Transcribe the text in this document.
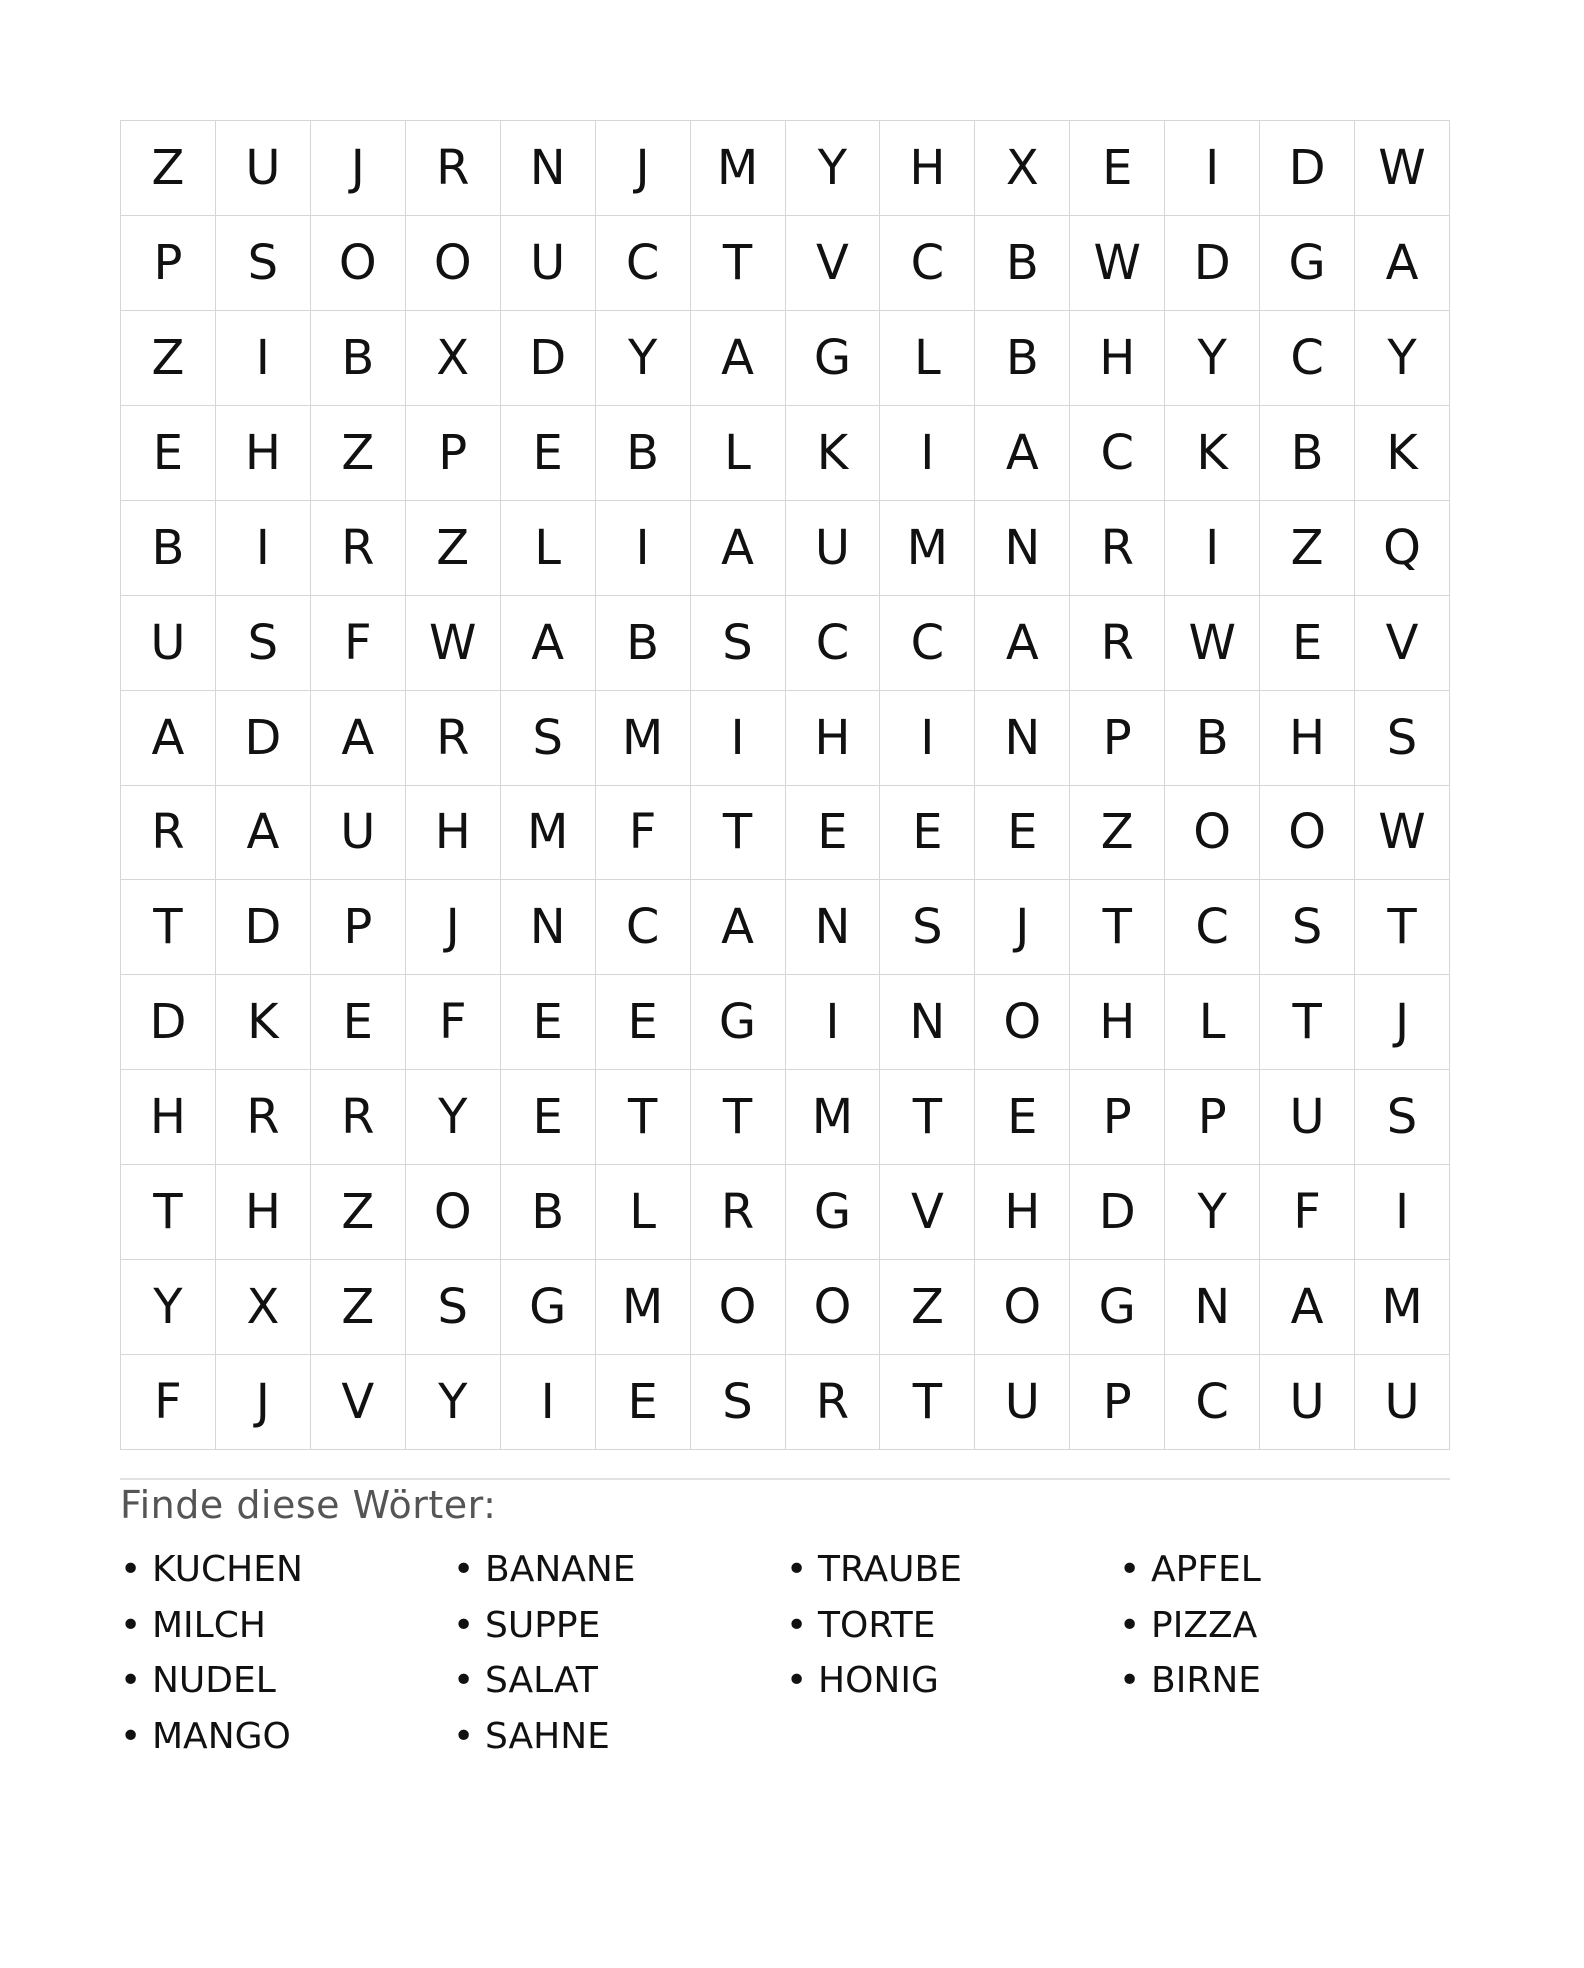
Z	U	J	R	N	J	M	Y	H	X	E	I	D	W
P	S	O	O	U	C	T	V	C	B	W	D	G	A
Z	I	B	X	D	Y	A	G	L	B	H	Y	C	Y
E	H	Z	P	E	B	L	K	I	A	C	K	B	K
B	I	R	Z	L	I	A	U	M	N	R	I	Z	Q
U	S	F	W	A	B	S	C	C	A	R	W	E	V
A	D	A	R	S	M	I	H	I	N	P	B	H	S
R	A	U	H	M	F	T	E	E	E	Z	O	O	W
T	D	P	J	N	C	A	N	S	J	T	C	S	T
D	K	E	F	E	E	G	I	N	O	H	L	T	J
H	R	R	Y	E	T	T	M	T	E	P	P	U	S
T	H	Z	O	B	L	R	G	V	H	D	Y	F	I
Y	X	Z	S	G	M	O	O	Z	O	G	N	A	M
F	J	V	Y	I	E	S	R	T	U	P	C	U	U
Finde diese Wörter:
• KUCHEN	• BANANE	• TRAUBE	• APFEL
• MILCH	• SUPPE	• TORTE	• PIZZA
• NUDEL	• SALAT	• HONIG	• BIRNE
• MANGO	• SAHNE
